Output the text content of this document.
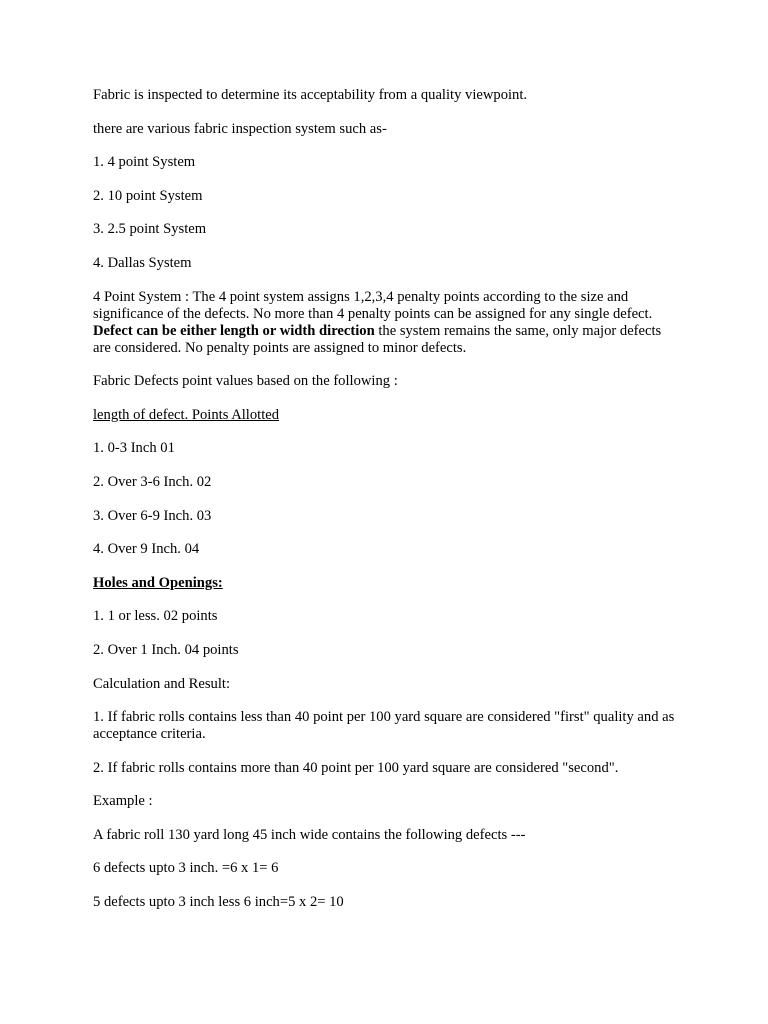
Fabric is inspected to determine its acceptability from a quality viewpoint.

there are various fabric inspection system such as-

1. 4 point System

2. 10 point System

3. 2.5 point System

4. Dallas System

4 Point System : The 4 point system assigns 1,2,3,4 penalty points according to the size and significance of the defects. No more than 4 penalty points can be assigned for any single defect. Defect can be either length or width direction the system remains the same, only major defects are considered. No penalty points are assigned to minor defects.

Fabric Defects point values based on the following :

length of defect. Points Allotted

1. 0-3 Inch 01

2. Over 3-6 Inch. 02

3. Over 6-9 Inch. 03

4. Over 9 Inch. 04

Holes and Openings:

1. 1 or less. 02 points

2. Over 1 Inch. 04 points

Calculation and Result:

1. If fabric rolls contains less than 40 point per 100 yard square are considered "first" quality and as acceptance criteria.

2. If fabric rolls contains more than 40 point per 100 yard square are considered "second".

Example :

A fabric roll 130 yard long 45 inch wide contains the following defects ---

6 defects upto 3 inch. =6 x 1= 6

5 defects upto 3 inch less 6 inch=5 x 2= 10
